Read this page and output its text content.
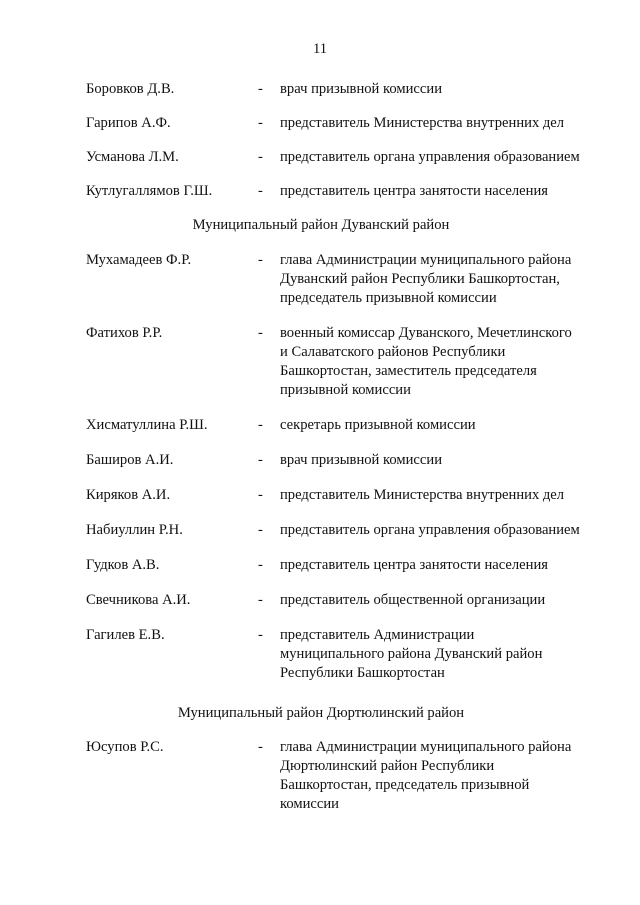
11
Боровков Д.В.	-	врач призывной комиссии
Гарипов А.Ф.	-	представитель Министерства внутренних дел
Усманова Л.М.	-	представитель органа управления образованием
Кутлугаллямов Г.Ш.	-	представитель центра занятости населения
Муниципальный район Дуванский район
Мухамадеев Ф.Р.	-	глава Администрации муниципального района
Дуванский район Республики Башкортостан,
председатель призывной комиссии
Фатихов Р.Р.	-	военный комиссар Дуванского, Мечетлинского
и Салаватского районов Республики
Башкортостан, заместитель председателя
призывной комиссии
Хисматуллина Р.Ш.	-	секретарь призывной комиссии
Баширов А.И.	-	врач призывной комиссии
Киряков А.И.	-	представитель Министерства внутренних дел
Набиуллин Р.Н.	-	представитель органа управления образованием
Гудков А.В.	-	представитель центра занятости населения
Свечникова А.И.	-	представитель общественной организации
Гагилев Е.В.	-	представитель Администрации
муниципального района Дуванский район
Республики Башкортостан
Муниципальный район Дюртюлинский район
Юсупов Р.С.	-	глава Администрации муниципального района
Дюртюлинский район Республики
Башкортостан, председатель призывной
комиссии
